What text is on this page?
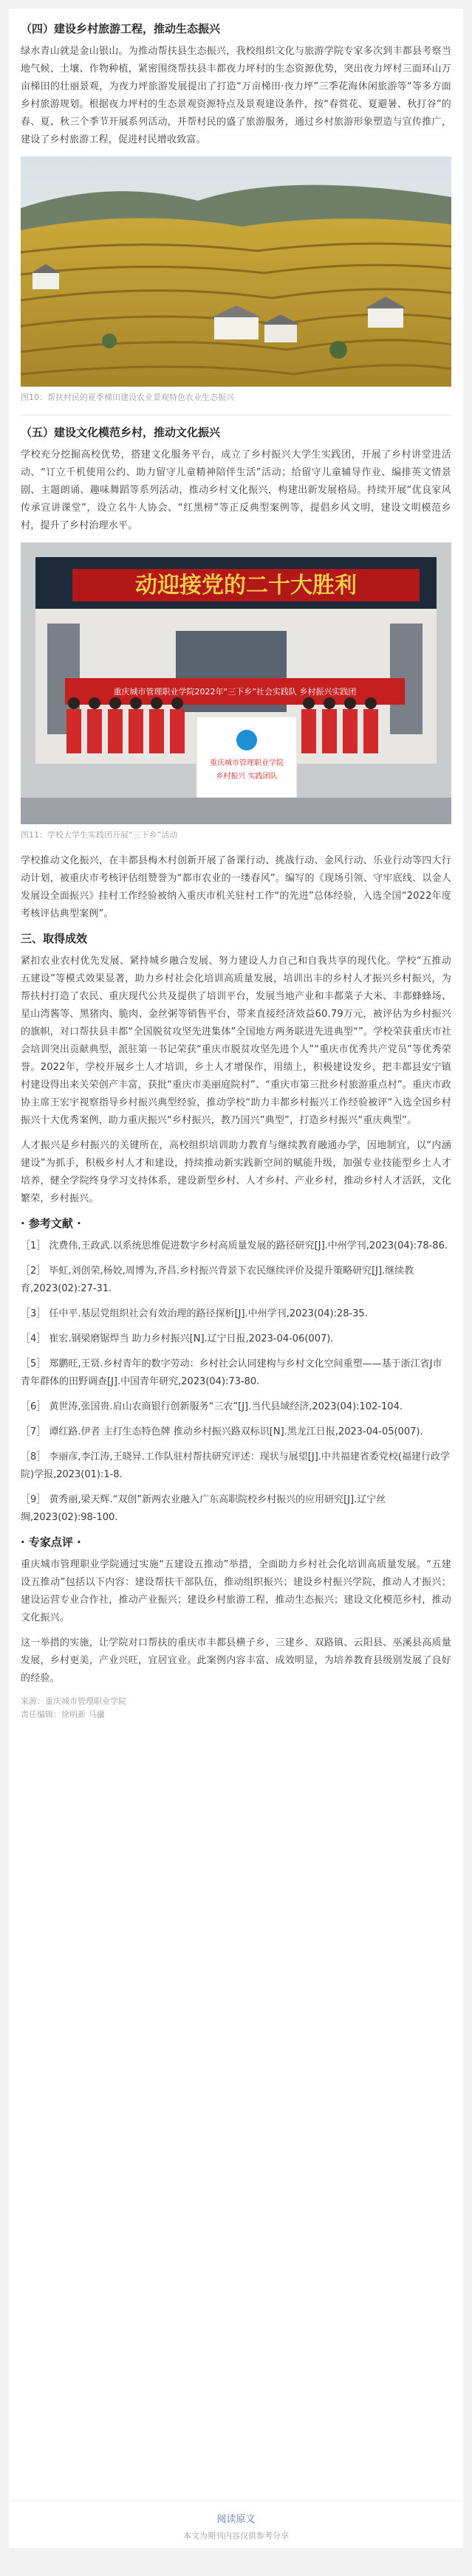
（四）建设乡村旅游工程，推动生态振兴

绿水青山就是金山银山。为推动帮扶县生态振兴，我校组织文化与旅游学院专家多次到丰都县考察当地气候、土壤、作物种植，紧密围绕帮扶县丰都夜力坪村的生态资源优势，突出夜力坪村三面环山万亩梯田的壮丽景观，为夜力坪旅游发展提出了打造“万亩梯田·夜力坪”三季花海休闲旅游等“等多方面乡村旅游规划。根据夜力坪村的生态景观资源特点及景观建设条件，按“春赏花、夏避暑、秋打谷”的春、夏、秋三个季节开展系列活动，并帮村民的盛了旅游服务，通过乡村旅游形象塑造与宣传推广，建设了乡村旅游工程，促进村民增收致富。

图10：帮扶村民的夏季梯田建设农业景观特色农业生态振兴
（五）建设文化模范乡村，推动文化振兴

学校充分挖掘高校优势，搭建文化服务平台，成立了乡村振兴大学生实践团，开展了乡村讲堂进活动、“订立千机使用公约、助力留守儿童精神陪伴生活”活动；给留守儿童辅导作业、编排英文情景剧、主题朗诵、趣味舞蹈等系列活动，推动乡村文化振兴，构建出新发展格局。持续开展“优良家风传承宣讲课堂”，设立名牛人协会、“红黑榜”等正反典型案例等，提倡乡风文明，建设文明模范乡村，提升了乡村治理水平。

动迎接党的二十大胜利
重庆城市管理职业学院2022年“三下乡”社会实践队 乡村振兴实践团
重庆城市管理职业学院
乡村振兴 实践团队
图11：学校大学生实践团开展“三下乡”活动

学校推动文化振兴，在丰都县梅木村创新开展了备课行动、挑战行动、金风行动、乐业行动等四大行动计划，被重庆市考核评估组赞誉为“都市农业的一缕春风”。编写的《现场引领、守牢底线、以金人发展设全面振兴》挂村工作经验被纳入重庆市机关驻村工作“的先进”总体经验，入选全国“2022年度考核评估典型案例”。

三、取得成效

紧扣农业农村优先发展、紧持城乡融合发展、努力建设人力自己和自我共享的现代化。学校“五推动五建设”等模式效果显著，助力乡村社会化培训高质量发展，培训出丰的乡村人才振兴乡村振兴，为帮扶村打造了农民、重庆现代公共及提供了培训平台，发展当地产业和丰都菜子大米、丰都蜂蜂场、星山湾酱等、黑猪肉、脆肉、金丝粥等销售平台，带来直接经济效益60.79万元，被评估为乡村振兴的旗帜，对口帮扶县丰都“全国脱贫攻坚先进集体”全国地方两务联进先进典型“”。学校荣获重庆市社会培训突出贡献典型，派驻第一书记荣获“重庆市脱贫攻坚先进个人”“重庆市优秀共产党员”等优秀荣誉。2022年，学校开展乡土人才培训，乡土人才增保作，用绩上，积极建设发乡，把丰都县安宁镇村建设得出来关荣创产丰富，获批“重庆市美丽庭院村”、“重庆市第三批乡村旅游重点村”。重庆市政协主席王宏宇视察指导乡村振兴典型经验，推动学校“助力丰都乡村振兴工作经验被评“入选全国乡村振兴十大优秀案例，助力重庆振兴“乡村振兴，教乃国兴”典型”，打造乡村振兴“重庆典型”。

人才振兴是乡村振兴的关键所在，高校组织培训助力教育与继续教育融通办学，因地制宜，以“内涵建设”为抓手，积极乡村人才和建设，持续推动新实践新空间的赋能升级，加强专业技能型乡土人才培养，健全学院终身学习支持体系，建设新型乡村、人才乡村、产业乡村，推动乡村人才活跃，文化繁荣，乡村振兴。

· 参考文献 ·
［1］ 沈费伟,王政武.以系统思维促进数字乡村高质量发展的路径研究[J].中州学刊,2023(04):78-86.
［2］ 毕虹,刘创荣,杨姣,周博为,齐昌.乡村振兴背景下农民继续评价及提升策略研究[J].继续教育,2023(02):27-31.
［3］ 任中平.基层党组织社会有效治理的路径探析[J].中州学刊,2023(04):28-35.
［4］ 崔宏.钢梁磨锯焊当 助力乡村振兴[N].辽宁日报,2023-04-06(007).
［5］ 郑鹏旺,王贤.乡村青年的数字劳动：乡村社会认同建构与乡村文化空间重塑——基于浙江省J市青年群体的田野调查[J].中国青年研究,2023(04):73-80.
［6］ 黄世涛,张国贵.肩山农商银行创新服务“三农”[J].当代县域经济,2023(04):102-104.
［7］ 谭红路.伊者 主打生态特色牌 推动乡村振兴路双标识[N].黑龙江日报,2023-04-05(007).
［8］ 李丽彦,李江涛,王晓异.工作队驻村帮扶研究评述：现状与展望[J].中共福建省委党校(福建行政学院)学报,2023(01):1-8.
［9］ 黄秀丽,梁天辉.“双创”新两农业融入广东高职院校乡村振兴的应用研究[J].辽宁丝绸,2023(02):98-100.
· 专家点评 ·

重庆城市管理职业学院通过实施“五建设五推动”举措，全面助力乡村社会化培训高质量发展。“五建设五推动”包括以下内容：建设帮扶干部队伍，推动组织振兴；建设乡村振兴学院，推动人才振兴；建设运营专业合作社，推动产业振兴；建设乡村旅游工程，推动生态振兴；建设文化模范乡村，推动文化振兴。

这一举措的实施，让学院对口帮扶的重庆市丰都县横子乡、三建乡、双路镇、云阳县、巫溪县高质量发展，乡村更美，产业兴旺，宜居宜业。此案例内容丰富、成效明显，为培养教育县级别发展了良好的经验。

来源：重庆城市管理职业学院
责任编辑：徐明新 马骥
阅读原文
本文为期刊内容仅供参考分享
